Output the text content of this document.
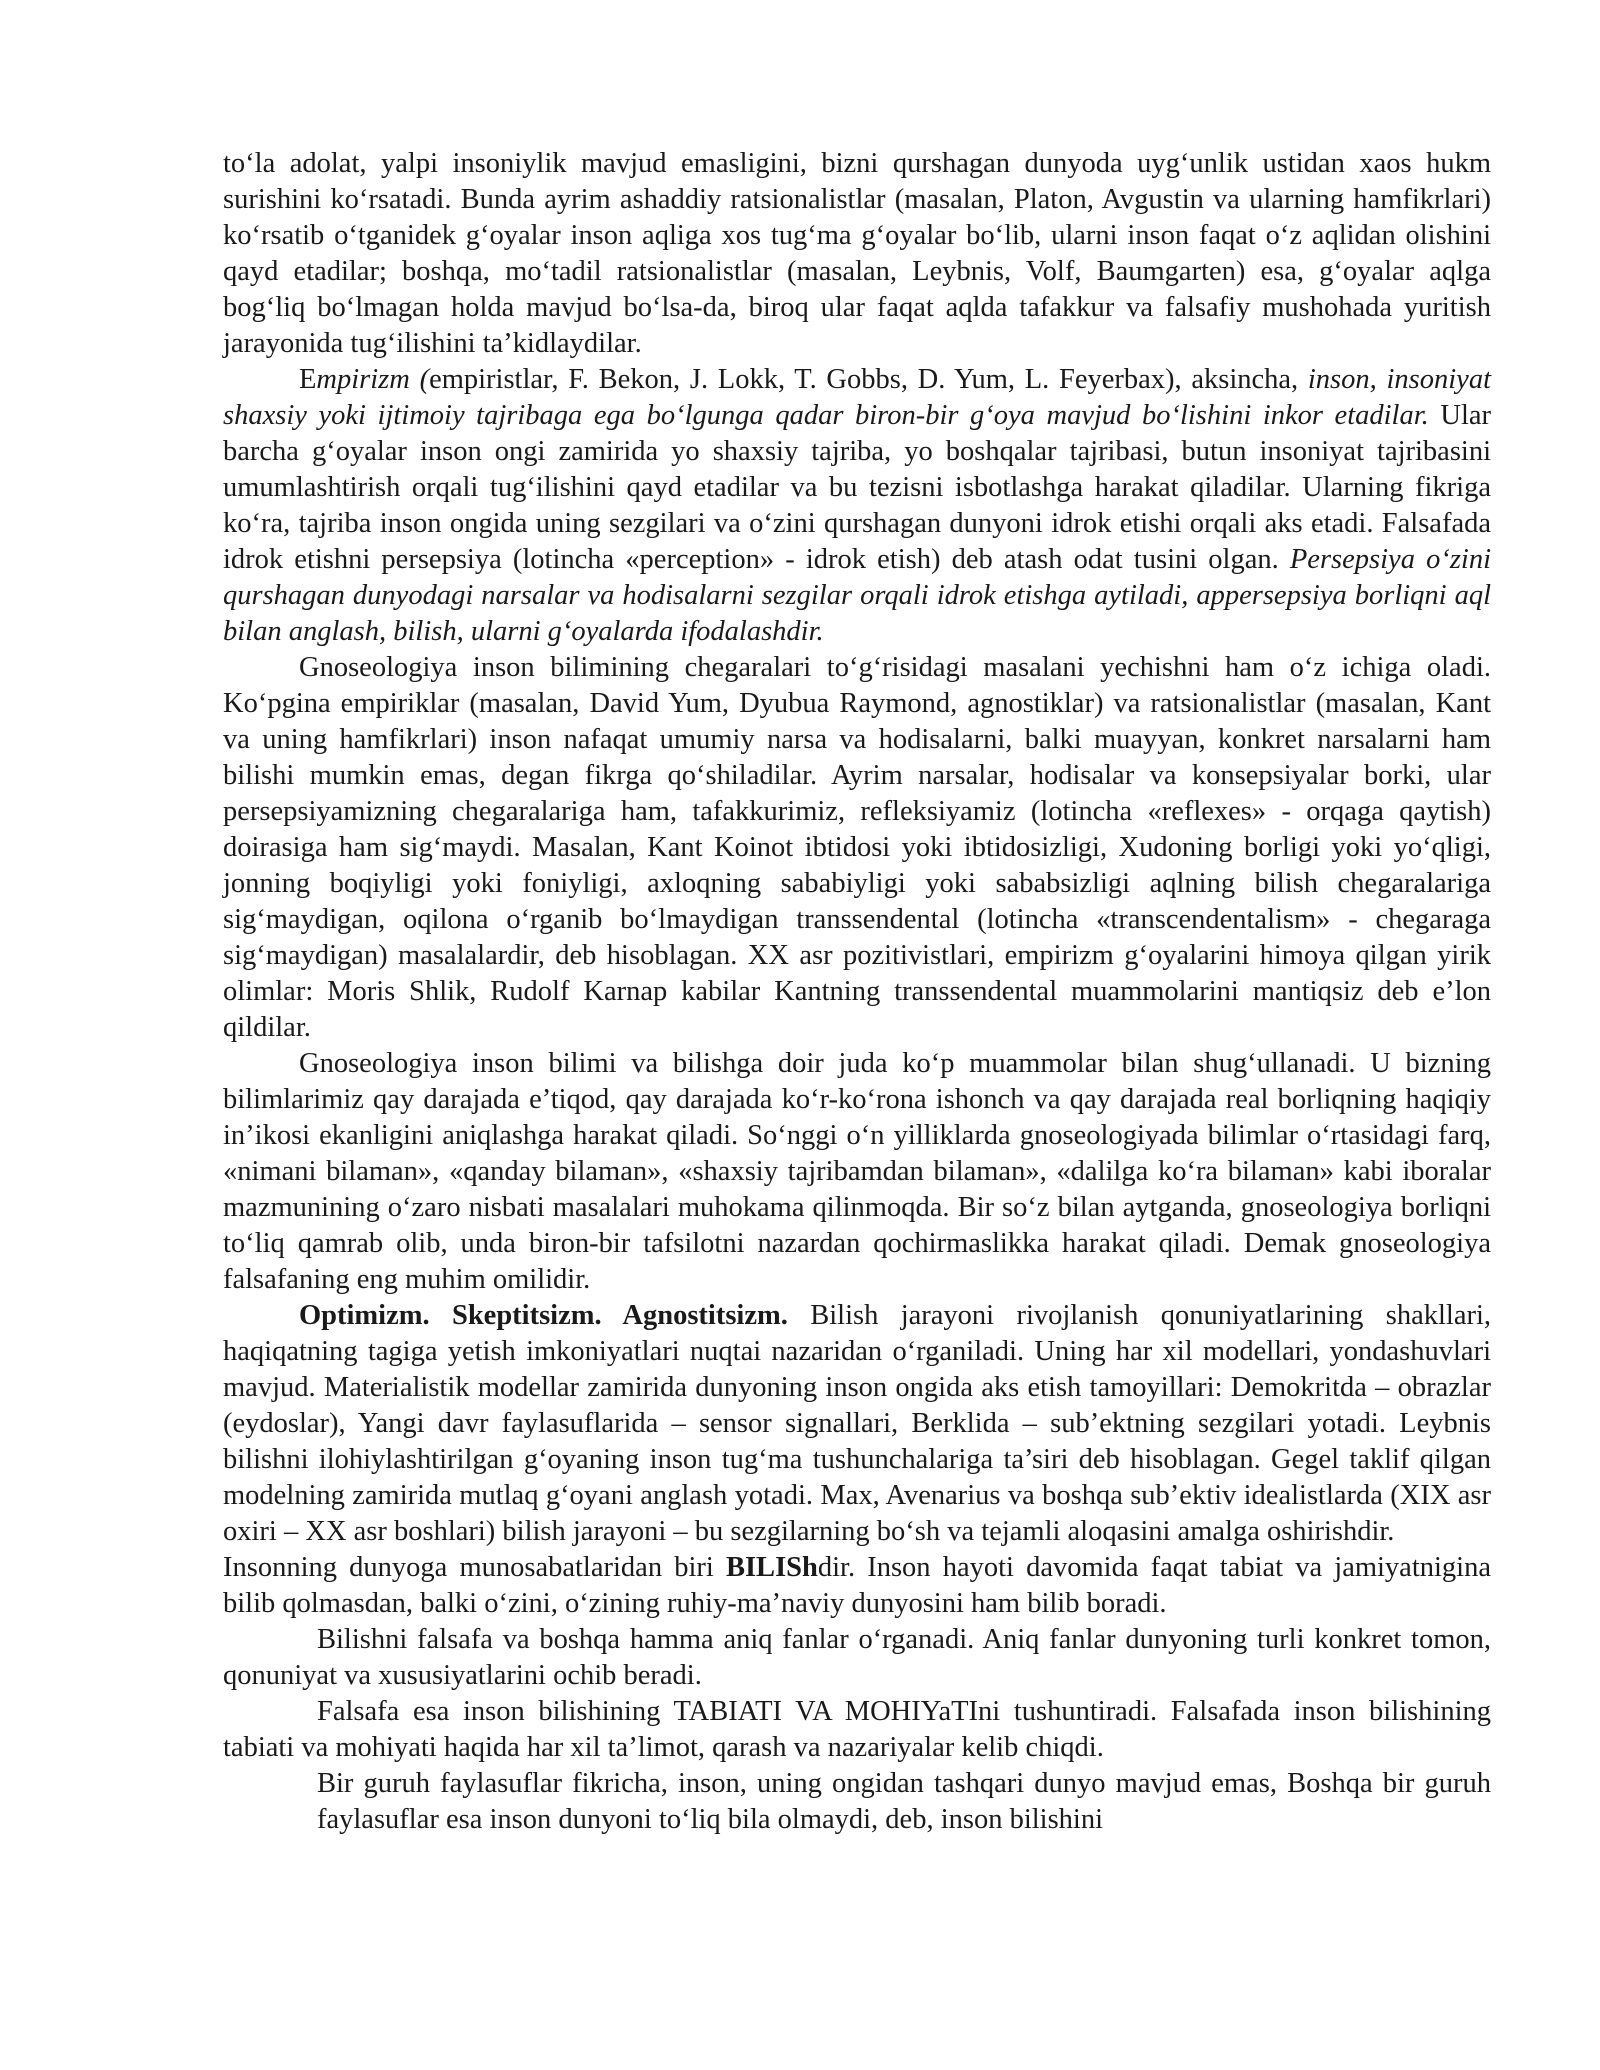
to‘la adolat, yalpi insoniylik mavjud emasligini, bizni qurshagan dunyoda uyg‘unlik ustidan xaos hukm surishini ko‘rsatadi. Bunda ayrim ashaddiy ratsionalistlar (masalan, Platon, Avgustin va ularning hamfikrlari) ko‘rsatib o‘tganidek g‘oyalar inson aqliga xos tug‘ma g‘oyalar bo‘lib, ularni inson faqat o‘z aqlidan olishini qayd etadilar; boshqa, mo‘tadil ratsionalistlar (masalan, Leybnis, Volf, Baumgarten) esa, g‘oyalar aqlga bog‘liq bo‘lmagan holda mavjud bo‘lsa-da, biroq ular faqat aqlda tafakkur va falsafiy mushohada yuritish jarayonida tug‘ilishini ta’kidlaydilar.

Empirizm (empiristlar, F. Bekon, J. Lokk, T. Gobbs, D. Yum, L. Feyerbax), aksincha, inson, insoniyat shaxsiy yoki ijtimoiy tajribaga ega bo‘lgunga qadar biron-bir g‘oya mavjud bo‘lishini inkor etadilar. Ular barcha g‘oyalar inson ongi zamirida yo shaxsiy tajriba, yo boshqalar tajribasi, butun insoniyat tajribasini umumlashtirish orqali tug‘ilishini qayd etadilar va bu tezisni isbotlashga harakat qiladilar. Ularning fikriga ko‘ra, tajriba inson ongida uning sezgilari va o‘zini qurshagan dunyoni idrok etishi orqali aks etadi. Falsafada idrok etishni persepsiya (lotincha «perception» - idrok etish) deb atash odat tusini olgan. Persepsiya o‘zini qurshagan dunyodagi narsalar va hodisalarni sezgilar orqali idrok etishga aytiladi, appersepsiya borliqni aql bilan anglash, bilish, ularni g‘oyalarda ifodalashdir.

Gnoseologiya inson bilimining chegaralari to‘g‘risidagi masalani yechishni ham o‘z ichiga oladi. Ko‘pgina empiriklar (masalan, David Yum, Dyubua Raymond, agnostiklar) va ratsionalistlar (masalan, Kant va uning hamfikrlari) inson nafaqat umumiy narsa va hodisalarni, balki muayyan, konkret narsalarni ham bilishi mumkin emas, degan fikrga qo‘shiladilar. Ayrim narsalar, hodisalar va konsepsiyalar borki, ular persepsiyamizning chegaralariga ham, tafakkurimiz, refleksiyamiz (lotincha «reflexes» - orqaga qaytish) doirasiga ham sig‘maydi. Masalan, Kant Koinot ibtidosi yoki ibtidosizligi, Xudoning borligi yoki yo‘qligi, jonning boqiyligi yoki foniyligi, axloqning sababiyligi yoki sababsizligi aqlning bilish chegaralariga sig‘maydigan, oqilona o‘rganib bo‘lmaydigan transsendental (lotincha «transcendentalism» - chegaraga sig‘maydigan) masalalardir, deb hisoblagan. XX asr pozitivistlari, empirizm g‘oyalarini himoya qilgan yirik olimlar: Moris Shlik, Rudolf Karnap kabilar Kantning transsendental muammolarini mantiqsiz deb e’lon qildilar.

Gnoseologiya inson bilimi va bilishga doir juda ko‘p muammolar bilan shug‘ullanadi. U bizning bilimlarimiz qay darajada e’tiqod, qay darajada ko‘r-ko‘rona ishonch va qay darajada real borliqning haqiqiy in’ikosi ekanligini aniqlashga harakat qiladi. So‘nggi o‘n yilliklarda gnoseologiyada bilimlar o‘rtasidagi farq, «nimani bilaman», «qanday bilaman», «shaxsiy tajribamdan bilaman», «dalilga ko‘ra bilaman» kabi iboralar mazmunining o‘zaro nisbati masalalari muhokama qilinmoqda. Bir so‘z bilan aytganda, gnoseologiya borliqni to‘liq qamrab olib, unda biron-bir tafsilotni nazardan qochirmaslikka harakat qiladi. Demak gnoseologiya falsafaning eng muhim omilidir.

Optimizm. Skeptitsizm. Agnostitsizm. Bilish jarayoni rivojlanish qonuniyatlarining shakllari, haqiqatning tagiga yetish imkoniyatlari nuqtai nazaridan o‘rganiladi. Uning har xil modellari, yondashuvlari mavjud. Materialistik modellar zamirida dunyoning inson ongida aks etish tamoyillari: Demokritda – obrazlar (eydoslar), Yangi davr faylasuflarida – sensor signallari, Berklida – sub’ektning sezgilari yotadi. Leybnis bilishni ilohiylashtirilgan g‘oyaning inson tug‘ma tushunchalariga ta’siri deb hisoblagan. Gegel taklif qilgan modelning zamirida mutlaq g‘oyani anglash yotadi. Max, Avenarius va boshqa sub’ektiv idealistlarda (XIX asr oxiri – XX asr boshlari) bilish jarayoni – bu sezgilarning bo‘sh va tejamli aloqasini amalga oshirishdir.

Insonning dunyoga munosabatlaridan biri BILIShdir. Inson hayoti davomida faqat tabiat va jamiyatnigina bilib qolmasdan, balki o‘zini, o‘zining ruhiy-ma’naviy dunyosini ham bilib boradi.

Bilishni falsafa va boshqa hamma aniq fanlar o‘rganadi. Aniq fanlar dunyoning turli konkret tomon, qonuniyat va xususiyatlarini ochib beradi.

Falsafa esa inson bilishining TABIATI VA MOHIYaTIni tushuntiradi. Falsafada inson bilishining tabiati va mohiyati haqida har xil ta’limot, qarash va nazariyalar kelib chiqdi.

Bir guruh faylasuflar fikricha, inson, uning ongidan tashqari dunyo mavjud emas, Boshqa bir guruh faylasuflar esa inson dunyoni to‘liq bila olmaydi, deb, inson bilishini
